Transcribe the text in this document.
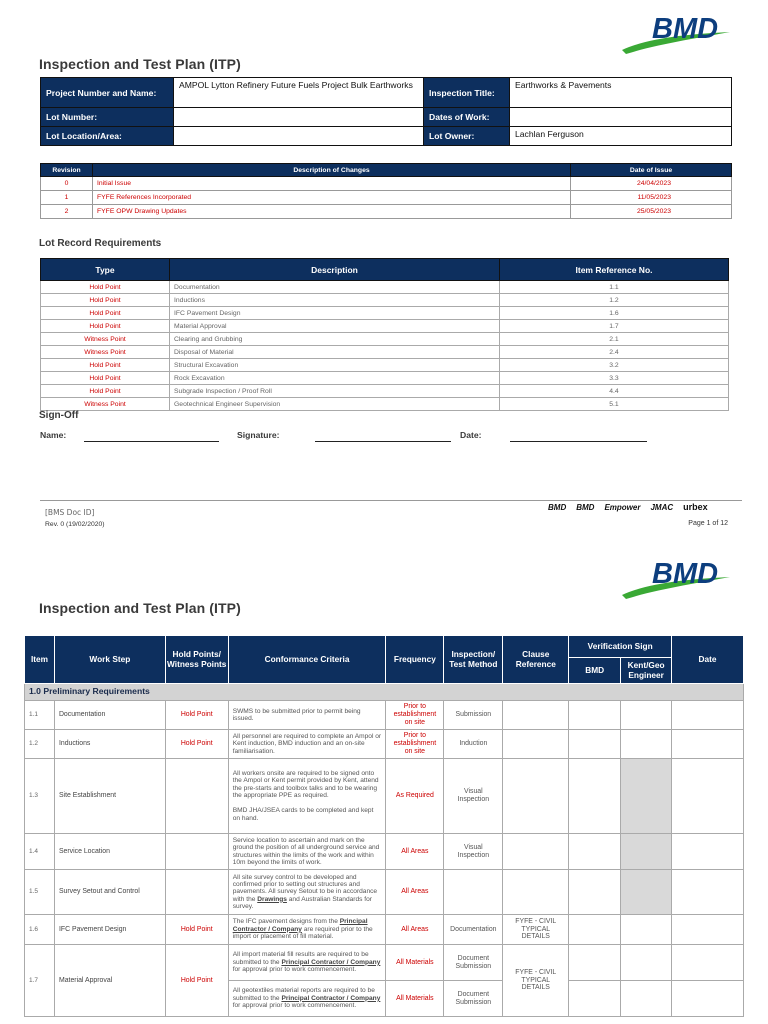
BMD
Inspection and Test Plan (ITP)
Project Number and Name:	AMPOL Lytton Refinery Future Fuels Project Bulk Earthworks	Inspection Title:	Earthworks & Pavements
Lot Number:		Dates of Work:	
Lot Location/Area:		Lot Owner:	Lachlan Ferguson
Revision	Description of Changes	Date of Issue
0	Initial Issue	24/04/2023
1	FYFE References Incorporated	11/05/2023
2	FYFE OPW Drawing Updates	25/05/2023
Lot Record Requirements
Type	Description	Item Reference No.
Hold Point	Documentation	1.1
Hold Point	Inductions	1.2
Hold Point	IFC Pavement Design	1.6
Hold Point	Material Approval	1.7
Witness Point	Clearing and Grubbing	2.1
Witness Point	Disposal of Material	2.4
Hold Point	Structural Excavation	3.2
Hold Point	Rock Excavation	3.3
Hold Point	Subgrade Inspection / Proof Roll	4.4
Witness Point	Geotechnical Engineer Supervision	5.1
Sign-Off
Name:	Signature:	Date:
[BMS Doc ID]
Rev. 0 (19/02/2020)
BMD BMD Empower JMAC urbex
Page 1 of 12
BMD
Inspection and Test Plan (ITP)
Item	Work Step	Hold Points/ Witness Points	Conformance Criteria	Frequency	Inspection/ Test Method	Clause Reference	Verification Sign		Date
							BMD	Kent/Geo Engineer	
1.0 Preliminary Requirements									
1.1	Documentation	Hold Point	SWMS to be submitted prior to permit being issued.	Prior to establishment on site	Submission				
1.2	Inductions	Hold Point	All personnel are required to complete an Ampol or Kent induction, BMD induction and an on-site familiarisation.	Prior to establishment on site	Induction				
1.3	Site Establishment		All workers onsite are required to be signed onto the Ampol or Kent permit provided by Kent, attend the pre-starts and toolbox talks and to be wearing the appropriate PPE as required.
BMD JHA/JSEA cards to be completed and kept on hand.	As Required	Visual Inspection				
1.4	Service Location		Service location to ascertain and mark on the ground the position of all underground service and structures within the limits of the work and within 10m beyond the limits of work.	All Areas	Visual Inspection				
1.5	Survey Setout and Control		All site survey control to be developed and confirmed prior to setting out structures and pavements. All survey Setout to be in accordance with the Drawings and Australian Standards for survey.	All Areas					
1.6	IFC Pavement Design	Hold Point	The IFC pavement designs from the Principal Contractor / Company are required prior to the import or placement of fill material.	All Areas	Documentation	FYFE - CIVIL TYPICAL DETAILS			
1.7	Material Approval	Hold Point	All import material fill results are required to be submitted to the Principal Contractor / Company for approval prior to work commencement.	All Materials	Document Submission	FYFE - CIVIL TYPICAL DETAILS			
			All geotextiles material reports are required to be submitted to the Principal Contractor / Company for approval prior to work commencement.	All Materials	Document Submission				
